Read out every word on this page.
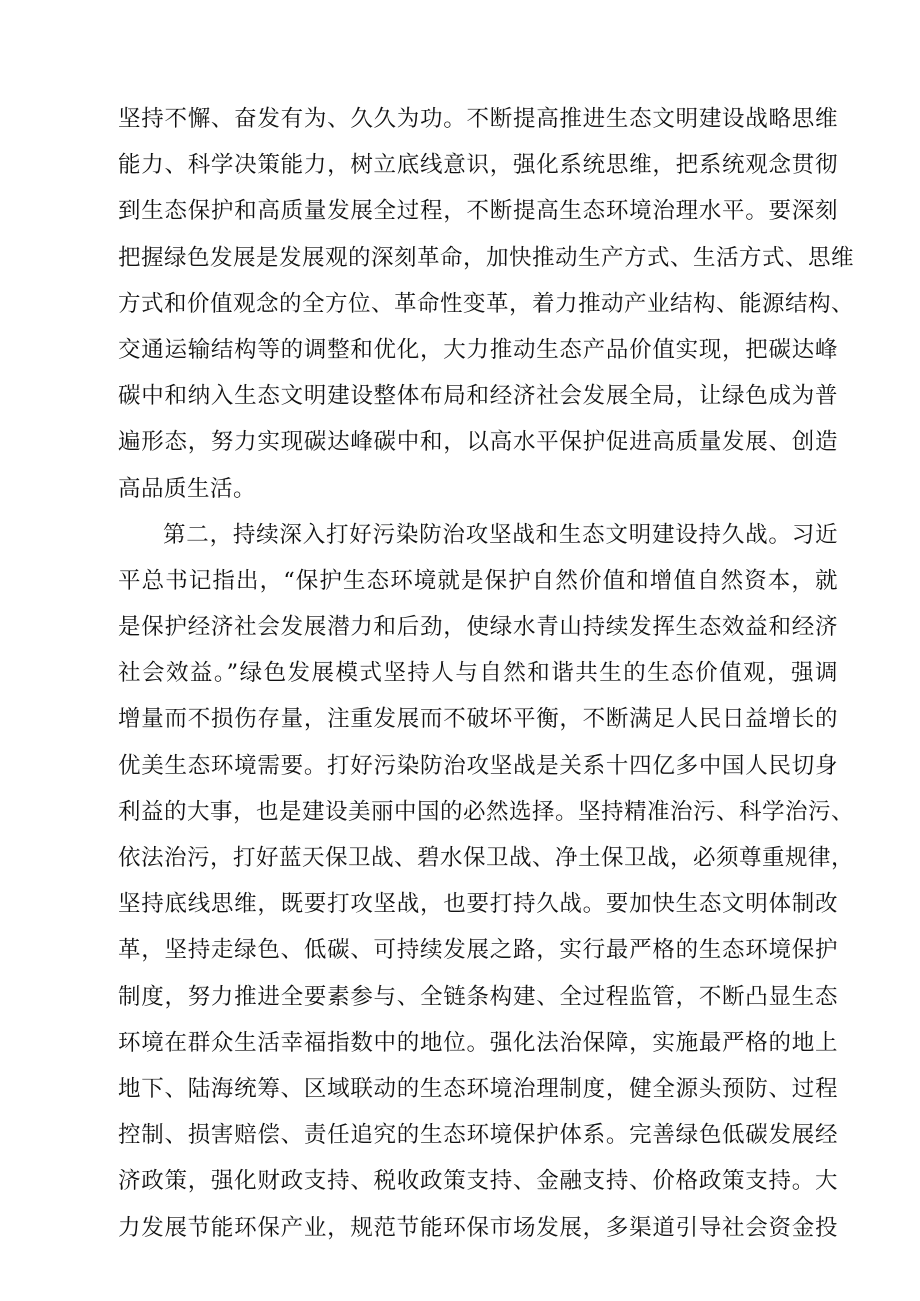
坚持不懈、奋发有为、久久为功。不断提高推进生态文明建设战略思维
能力、科学决策能力，树立底线意识，强化系统思维，把系统观念贯彻
到生态保护和高质量发展全过程，不断提高生态环境治理水平。要深刻
把握绿色发展是发展观的深刻革命，加快推动生产方式、生活方式、思维
方式和价值观念的全方位、革命性变革，着力推动产业结构、能源结构、
交通运输结构等的调整和优化，大力推动生态产品价值实现，把碳达峰
碳中和纳入生态文明建设整体布局和经济社会发展全局，让绿色成为普
遍形态，努力实现碳达峰碳中和，以高水平保护促进高质量发展、创造
高品质生活。
第二，持续深入打好污染防治攻坚战和生态文明建设持久战。习近
平总书记指出，“保护生态环境就是保护自然价值和增值自然资本，就
是保护经济社会发展潜力和后劲，使绿水青山持续发挥生态效益和经济
社会效益。”绿色发展模式坚持人与自然和谐共生的生态价值观，强调
增量而不损伤存量，注重发展而不破坏平衡，不断满足人民日益增长的
优美生态环境需要。打好污染防治攻坚战是关系十四亿多中国人民切身
利益的大事，也是建设美丽中国的必然选择。坚持精准治污、科学治污、
依法治污，打好蓝天保卫战、碧水保卫战、净土保卫战，必须尊重规律，
坚持底线思维，既要打攻坚战，也要打持久战。要加快生态文明体制改
革，坚持走绿色、低碳、可持续发展之路，实行最严格的生态环境保护
制度，努力推进全要素参与、全链条构建、全过程监管，不断凸显生态
环境在群众生活幸福指数中的地位。强化法治保障，实施最严格的地上
地下、陆海统筹、区域联动的生态环境治理制度，健全源头预防、过程
控制、损害赔偿、责任追究的生态环境保护体系。完善绿色低碳发展经
济政策，强化财政支持、税收政策支持、金融支持、价格政策支持。大
力发展节能环保产业，规范节能环保市场发展，多渠道引导社会资金投
